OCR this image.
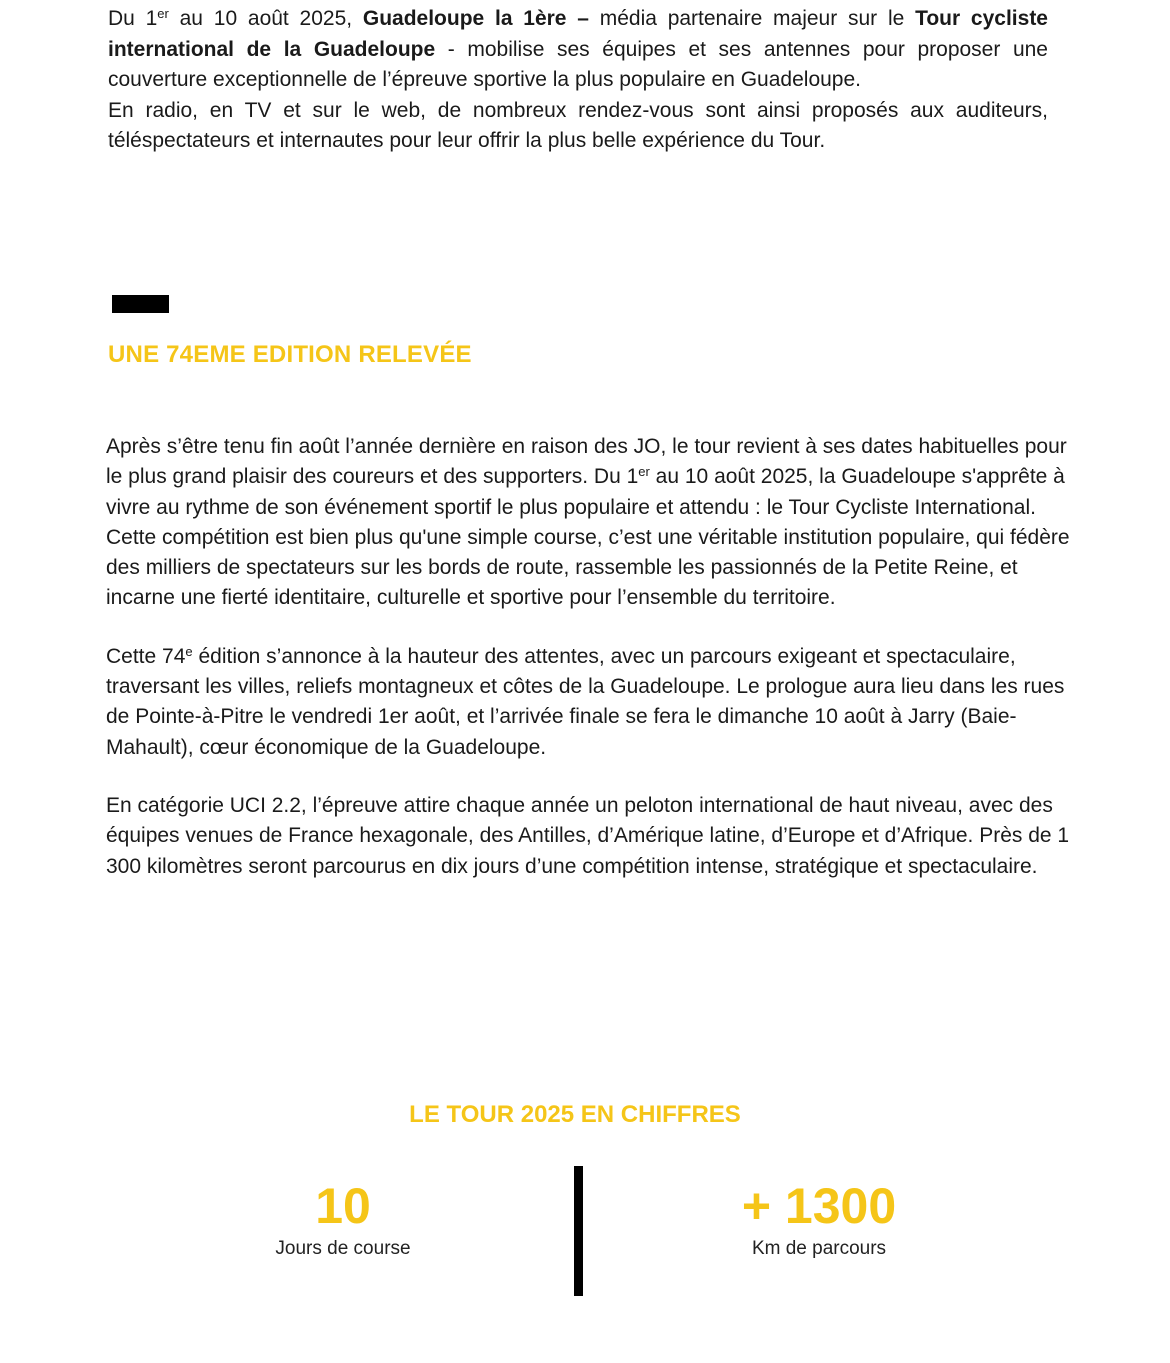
Du 1er au 10 août 2025, Guadeloupe la 1ère – média partenaire majeur sur le Tour cycliste international de la Guadeloupe - mobilise ses équipes et ses antennes pour proposer une couverture exceptionnelle de l’épreuve sportive la plus populaire en Guadeloupe.

En radio, en TV et sur le web, de nombreux rendez-vous sont ainsi proposés aux auditeurs, téléspectateurs et internautes pour leur offrir la plus belle expérience du Tour.

UNE 74EME EDITION RELEVÉE

Après s’être tenu fin août l’année dernière en raison des JO, le tour revient à ses dates habituelles pour le plus grand plaisir des coureurs et des supporters. Du 1er au 10 août 2025, la Guadeloupe s'apprête à vivre au rythme de son événement sportif le plus populaire et attendu : le Tour Cycliste International. Cette compétition est bien plus qu'une simple course, c’est une véritable institution populaire, qui fédère des milliers de spectateurs sur les bords de route, rassemble les passionnés de la Petite Reine, et incarne une fierté identitaire, culturelle et sportive pour l’ensemble du territoire.

Cette 74e édition s’annonce à la hauteur des attentes, avec un parcours exigeant et spectaculaire, traversant les villes, reliefs montagneux et côtes de la Guadeloupe. Le prologue aura lieu dans les rues de Pointe-à-Pitre le vendredi 1er août, et l’arrivée finale se fera le dimanche 10 août à Jarry (Baie-Mahault), cœur économique de la Guadeloupe.

En catégorie UCI 2.2, l’épreuve attire chaque année un peloton international de haut niveau, avec des équipes venues de France hexagonale, des Antilles, d’Amérique latine, d’Europe et d’Afrique. Près de 1 300 kilomètres seront parcourus en dix jours d’une compétition intense, stratégique et spectaculaire.

LE TOUR 2025 EN CHIFFRES
10
Jours de course
+ 1300
Km de parcours
